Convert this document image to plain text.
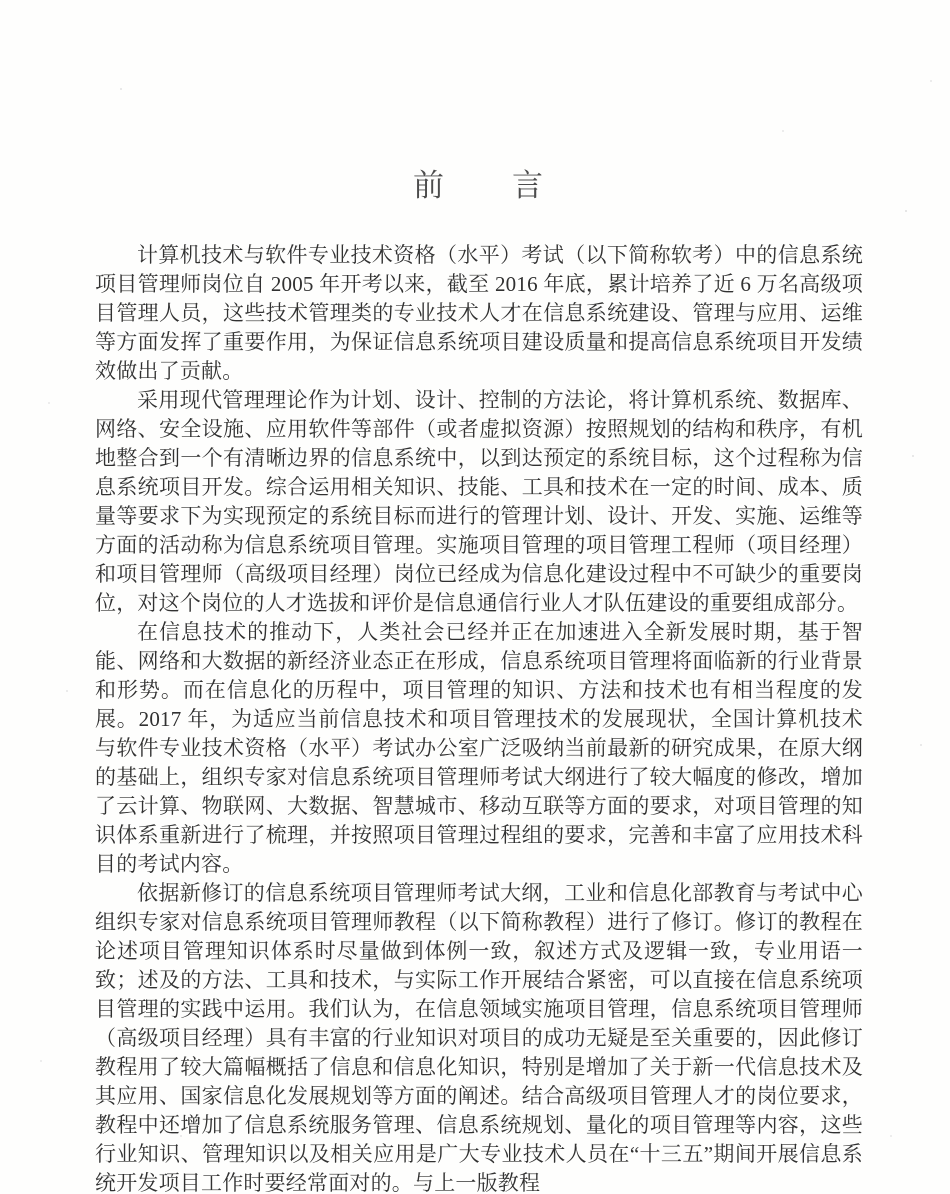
前　　言

计算机技术与软件专业技术资格（水平）考试（以下简称软考）中的信息系统项目管理师岗位自 2005 年开考以来，截至 2016 年底，累计培养了近 6 万名高级项目管理人员，这些技术管理类的专业技术人才在信息系统建设、管理与应用、运维等方面发挥了重要作用，为保证信息系统项目建设质量和提高信息系统项目开发绩效做出了贡献。

采用现代管理理论作为计划、设计、控制的方法论，将计算机系统、数据库、网络、安全设施、应用软件等部件（或者虚拟资源）按照规划的结构和秩序，有机地整合到一个有清晰边界的信息系统中，以到达预定的系统目标，这个过程称为信息系统项目开发。综合运用相关知识、技能、工具和技术在一定的时间、成本、质量等要求下为实现预定的系统目标而进行的管理计划、设计、开发、实施、运维等方面的活动称为信息系统项目管理。实施项目管理的项目管理工程师（项目经理）和项目管理师（高级项目经理）岗位已经成为信息化建设过程中不可缺少的重要岗位，对这个岗位的人才选拔和评价是信息通信行业人才队伍建设的重要组成部分。

在信息技术的推动下，人类社会已经并正在加速进入全新发展时期，基于智能、网络和大数据的新经济业态正在形成，信息系统项目管理将面临新的行业背景和形势。而在信息化的历程中，项目管理的知识、方法和技术也有相当程度的发展。2017 年，为适应当前信息技术和项目管理技术的发展现状，全国计算机技术与软件专业技术资格（水平）考试办公室广泛吸纳当前最新的研究成果，在原大纲的基础上，组织专家对信息系统项目管理师考试大纲进行了较大幅度的修改，增加了云计算、物联网、大数据、智慧城市、移动互联等方面的要求，对项目管理的知识体系重新进行了梳理，并按照项目管理过程组的要求，完善和丰富了应用技术科目的考试内容。

依据新修订的信息系统项目管理师考试大纲，工业和信息化部教育与考试中心组织专家对信息系统项目管理师教程（以下简称教程）进行了修订。修订的教程在论述项目管理知识体系时尽量做到体例一致，叙述方式及逻辑一致，专业用语一致；述及的方法、工具和技术，与实际工作开展结合紧密，可以直接在信息系统项目管理的实践中运用。我们认为，在信息领域实施项目管理，信息系统项目管理师（高级项目经理）具有丰富的行业知识对项目的成功无疑是至关重要的，因此修订教程用了较大篇幅概括了信息和信息化知识，特别是增加了关于新一代信息技术及其应用、国家信息化发展规划等方面的阐述。结合高级项目管理人才的岗位要求，教程中还增加了信息系统服务管理、信息系统规划、量化的项目管理等内容，这些行业知识、管理知识以及相关应用是广大专业技术人员在“十三五”期间开展信息系统开发项目工作时要经常面对的。与上一版教程
